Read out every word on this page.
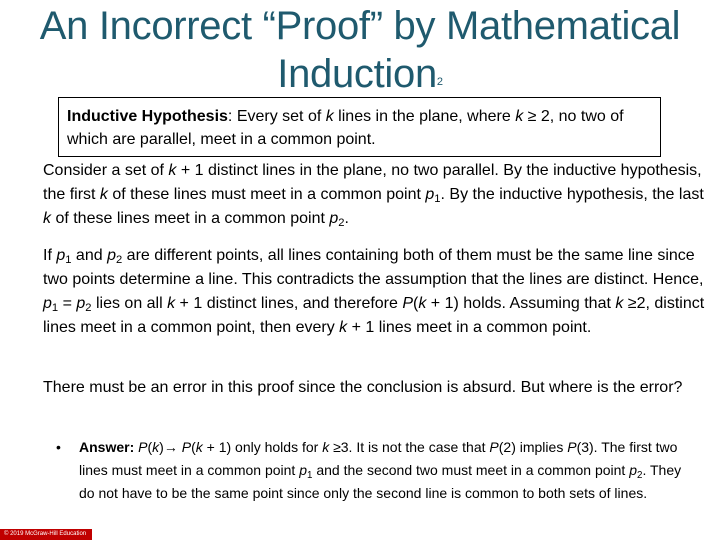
An Incorrect “Proof” by Mathematical
Induction2
Inductive Hypothesis: Every set of k lines in the plane, where k ≥ 2, no two of which are parallel, meet in a common point.
Consider a set of k + 1 distinct lines in the plane, no two parallel. By the inductive hypothesis, the first k of these lines must meet in a common point $p_1$. By the inductive hypothesis, the last k of these lines meet in a common point $p_2$.
If $p_1$ and $p_2$ are different points, all lines containing both of them must be the same line since two points determine a line. This contradicts the assumption that the lines are distinct. Hence, $p_1 = p_2$ lies on all k + 1 distinct lines, and therefore P(k + 1) holds. Assuming that k ≥2, distinct lines meet in a common point, then every k + 1 lines meet in a common point.
There must be an error in this proof since the conclusion is absurd. But where is the error?
• Answer: P(k)→ P(k + 1) only holds for k ≥3. It is not the case that P(2) implies P(3). The first two lines must meet in a common point $p_1$ and the second two must meet in a common point $p_2$. They do not have to be the same point since only the second line is common to both sets of lines.
© 2019 McGraw-Hill Education
